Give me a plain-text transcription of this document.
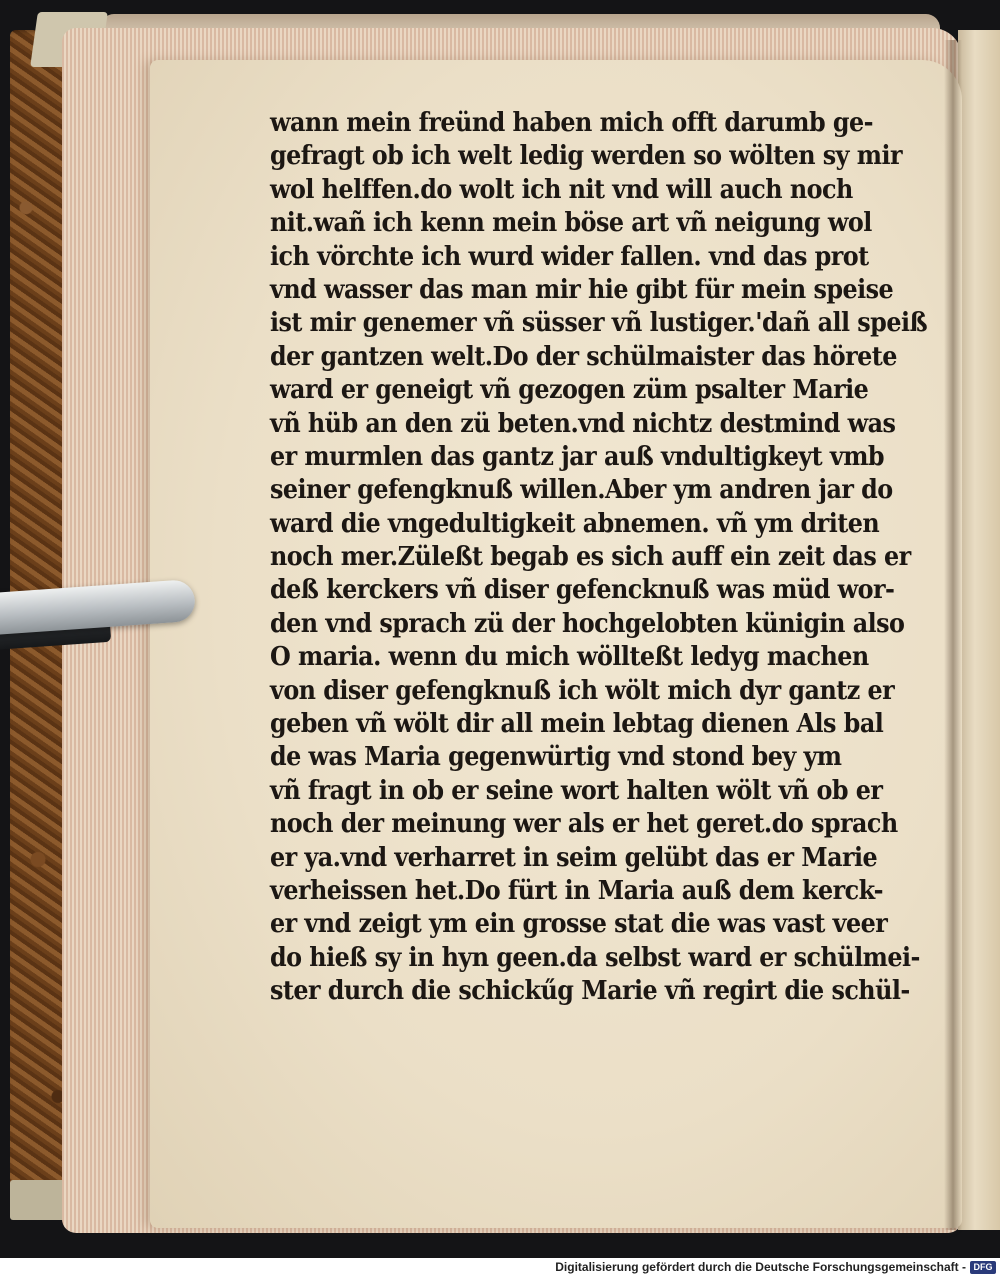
wann mein freünd haben mich offt darumb ge-
gefragt ob ich welt ledig werden so wölten sy mir
wol helffen.do wolt ich nit vnd will auch noch
nit.wañ ich kenn mein böse art vñ neigung wol
ich vörchte ich wurd wider fallen. vnd das prot
vnd wasser das man mir hie gibt für mein speise
ist mir genemer vñ süsser vñ lustiger.'dañ all speiß
der gantzen welt.Do der schülmaister das hörete
ward er geneigt vñ gezogen züm psalter Marie
vñ hüb an den zü beten.vnd nichtz destmind was
er murmlen das gantz jar auß vndultigkeyt vmb
seiner gefengknuß willen.Aber ym andren jar do
ward die vngedultigkeit abnemen. vñ ym driten
noch mer.Züleßt begab es sich auff ein zeit das er
deß kerckers vñ diser gefencknuß was müd wor-
den vnd sprach zü der hochgelobten künigin also
O maria. wenn du mich wöllteßt ledyg machen
von diser gefengknuß ich wölt mich dyr gantz er
geben vñ wölt dir all mein lebtag dienen Als bal
de was Maria gegenwürtig vnd stond bey ym
vñ fragt in ob er seine wort halten wölt vñ ob er
noch der meinung wer als er het geret.do sprach
er ya.vnd verharret in seim gelübt das er Marie
verheissen het.Do fürt in Maria auß dem kerck-
er vnd zeigt ym ein grosse stat die was vast veer
do hieß sy in hyn geen.da selbst ward er schülmei-
ster durch die schickűg Marie vñ regirt die schül-
Digitalisierung gefördert durch die Deutsche Forschungsgemeinschaft - DFG
